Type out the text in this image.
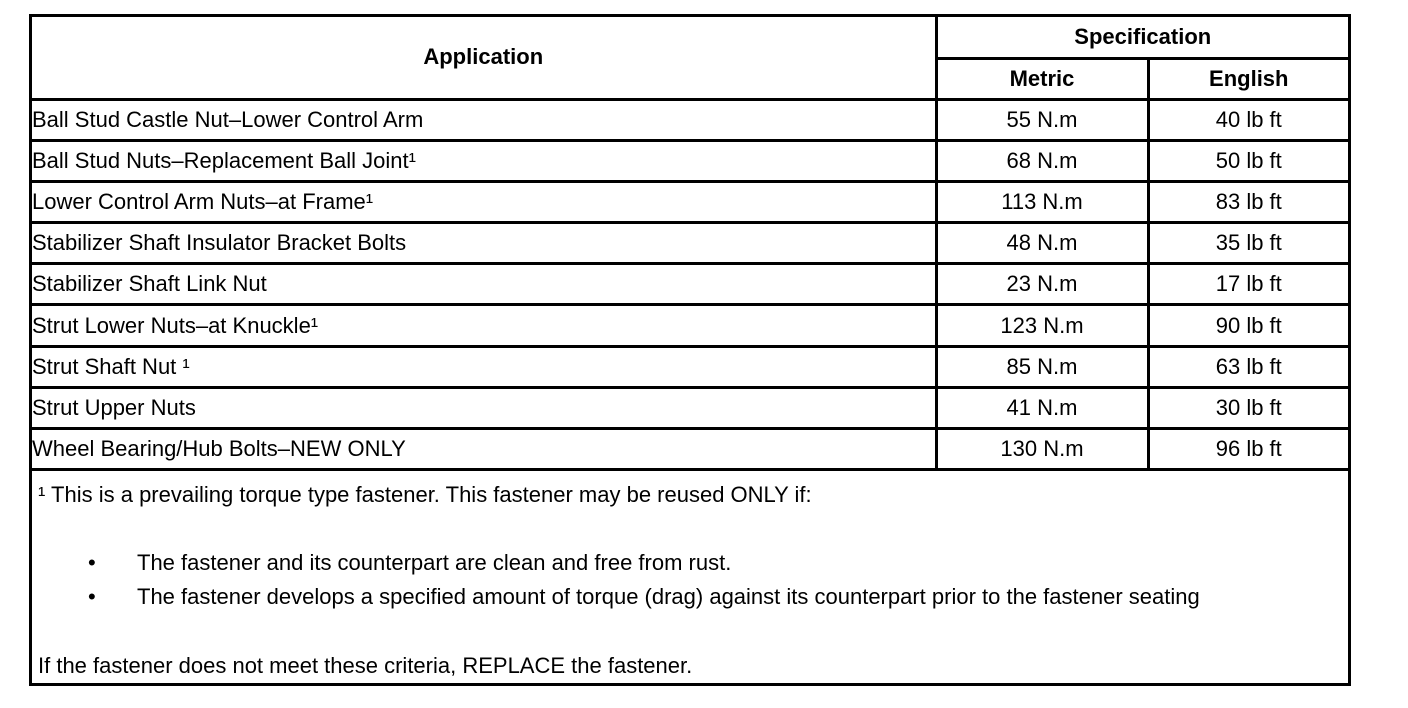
Application	Specification	
	Metric	English
Ball Stud Castle Nut–Lower Control Arm	55 N.m	40 lb ft
Ball Stud Nuts–Replacement Ball Joint¹	68 N.m	50 lb ft
Lower Control Arm Nuts–at Frame¹	113 N.m	83 lb ft
Stabilizer Shaft Insulator Bracket Bolts	48 N.m	35 lb ft
Stabilizer Shaft Link Nut	23 N.m	17 lb ft
Strut Lower Nuts–at Knuckle¹	123 N.m	90 lb ft
Strut Shaft Nut ¹	85 N.m	63 lb ft
Strut Upper Nuts	41 N.m	30 lb ft
Wheel Bearing/Hub Bolts–NEW ONLY	130 N.m	96 lb ft
¹ This is a prevailing torque type fastener. This fastener may be reused ONLY if:
• The fastener and its counterpart are clean and free from rust.
• The fastener develops a specified amount of torque (drag) against its counterpart prior to the fastener seating
If the fastener does not meet these criteria, REPLACE the fastener.
